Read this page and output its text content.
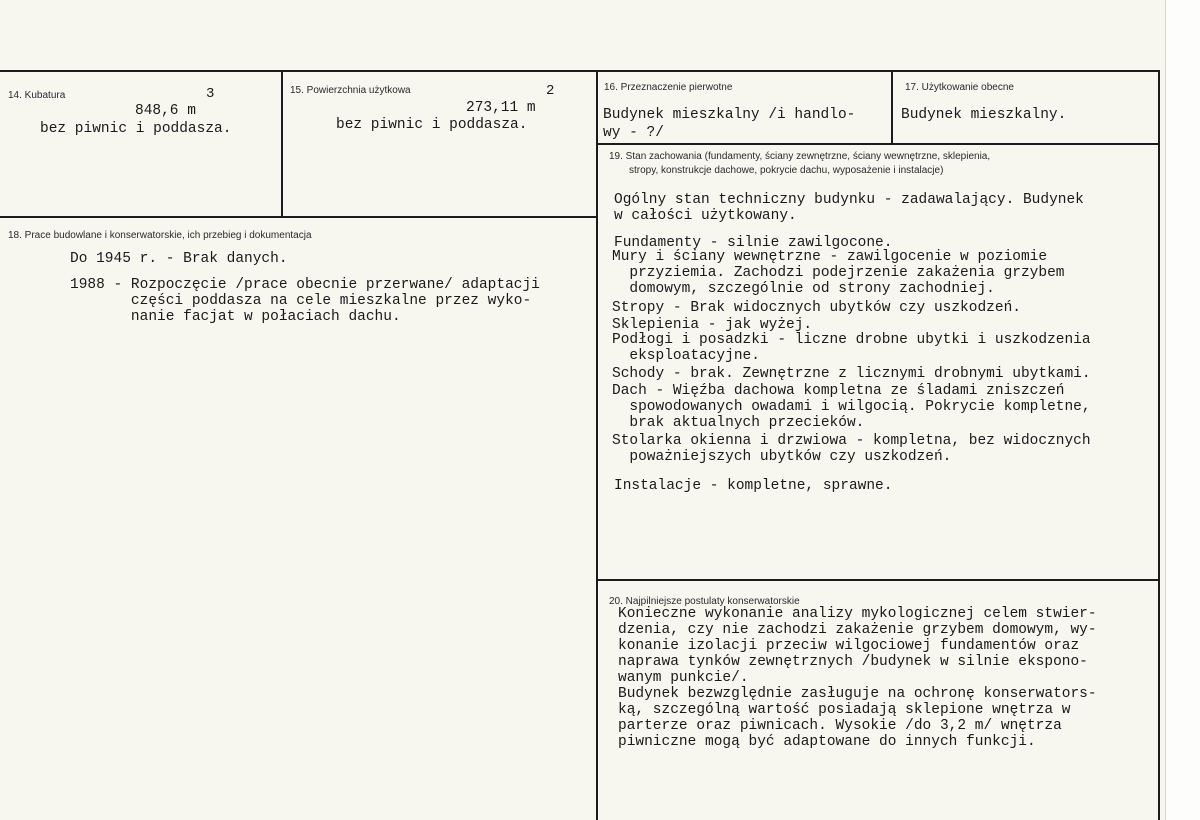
14. Kubatura
848,6 m
3
bez piwnic i poddasza.
15. Powierzchnia użytkowa
273,11 m
2
bez piwnic i poddasza.
16. Przeznaczenie pierwotne
Budynek mieszkalny /i handlo-
wy - ?/
17. Użytkowanie obecne
Budynek mieszkalny.
18. Prace budowlane i konserwatorskie, ich przebieg i dokumentacja
Do 1945 r. - Brak danych.
1988 - Rozpoczęcie /prace obecnie przerwane/ adaptacji
części poddasza na cele mieszkalne przez wyko-
nanie facjat w połaciach dachu.
19. Stan zachowania (fundamenty, ściany zewnętrzne, ściany wewnętrzne, sklepienia,
stropy, konstrukcje dachowe, pokrycie dachu, wyposażenie i instalacje)
Ogólny stan techniczny budynku - zadawalający. Budynek
w całości użytkowany.
Fundamenty - silnie zawilgocone.
Mury i ściany wewnętrzne - zawilgocenie w poziomie
przyziemia. Zachodzi podejrzenie zakażenia grzybem
domowym, szczególnie od strony zachodniej.
Stropy - Brak widocznych ubytków czy uszkodzeń.
Sklepienia - jak wyżej.
Podłogi i posadzki - liczne drobne ubytki i uszkodzenia
eksploatacyjne.
Schody - brak. Zewnętrzne z licznymi drobnymi ubytkami.
Dach - Więźba dachowa kompletna ze śladami zniszczeń
spowodowanych owadami i wilgocią. Pokrycie kompletne,
brak aktualnych przecieków.
Stolarka okienna i drzwiowa - kompletna, bez widocznych
poważniejszych ubytków czy uszkodzeń.
Instalacje - kompletne, sprawne.
20. Najpilniejsze postulaty konserwatorskie
Konieczne wykonanie analizy mykologicznej celem stwier-
dzenia, czy nie zachodzi zakażenie grzybem domowym, wy-
konanie izolacji przeciw wilgociowej fundamentów oraz
naprawa tynków zewnętrznych /budynek w silnie ekspono-
wanym punkcie/.
Budynek bezwzględnie zasługuje na ochronę konserwators-
ką, szczególną wartość posiadają sklepione wnętrza w
parterze oraz piwnicach. Wysokie /do 3,2 m/ wnętrza
piwniczne mogą być adaptowane do innych funkcji.
